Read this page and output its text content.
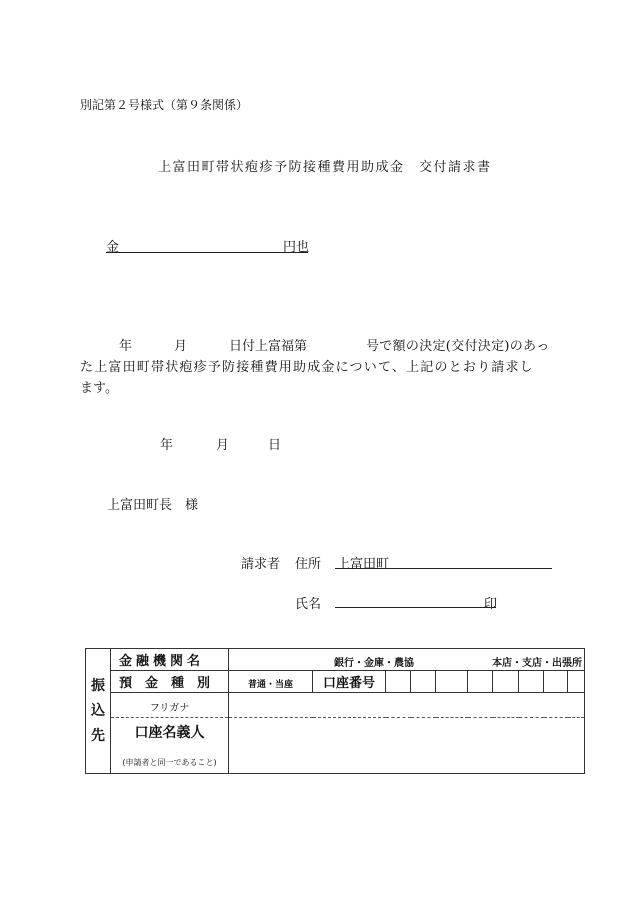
別記第２号様式（第９条関係）
上富田町帯状疱疹予防接種費用助成金　交付請求書
金	円也
年	月	日付上富福第	号で額の決定(交付決定)のあっ
た上富田町帯状疱疹予防接種費用助成金について、上記のとおり請求し
ます。
年	月	日
上富田町長　様
請求者 住所 上富田町
氏名	印
振
込
先	金融機関名	銀行・金庫・農協 本店・支店・出張所									

	預　金　種　別	普通・当座	口座番号								
	フリガナ										
	口座名義人										
	(申請者と同一であること)										
